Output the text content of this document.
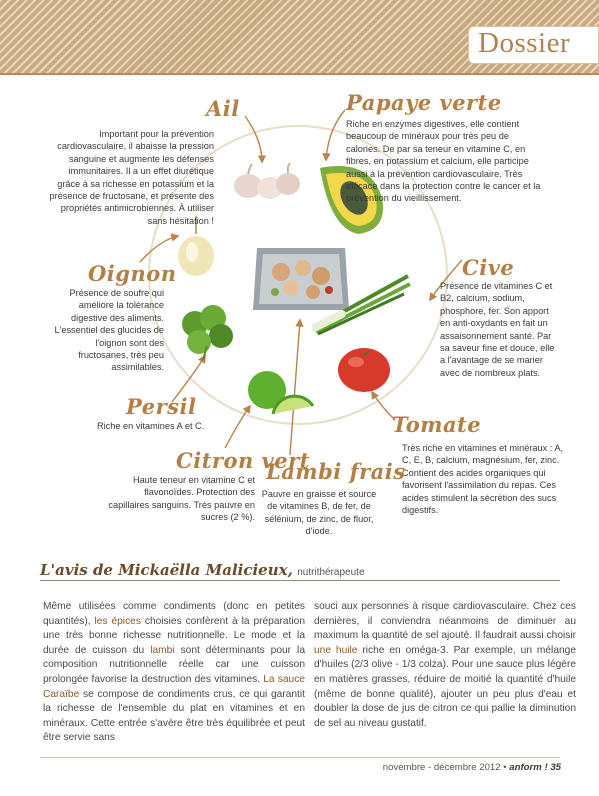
Dossier
Ail

Important pour la prévention cardiovasculaire, il abaisse la pression sanguine et augmente les défenses immunitaires. Il a un effet diurétique grâce à sa richesse en potassium et la présence de fructosane, et présente des propriétés antimicrobiennes. À utiliser sans hésitation !

Papaye verte

Riche en enzymes digestives, elle contient beaucoup de minéraux pour très peu de calories. De par sa teneur en vitamine C, en fibres, en potassium et calcium, elle participe aussi à la prévention cardiovasculaire. Très efficace dans la protection contre le cancer et la prévention du vieillissement.

Oignon

Présence de soufre qui améliore la tolérance digestive des aliments. L'essentiel des glucides de l'oignon sont des fructosanes, très peu assimilables.

Cive

Présence de vitamines C et B2, calcium, sodium, phosphore, fer. Son apport en anti-oxydants en fait un assaisonnement santé. Par sa saveur fine et douce, elle a l'avantage de se marier avec de nombreux plats.

Persil

Riche en vitamines A et C.	Tomate

Très riche en vitamines et minéraux : A, C, E, B, calcium, magnésium, fer, zinc. Contient des acides organiques qui favorisent l'assimilation du repas. Ces acides stimulent la sécrétion des sucs digestifs.

Citron vert

Haute teneur en vitamine C et flavonoïdes. Protection des capillaires sanguins. Très pauvre en sucres (2 %).

Lambi frais

Pauvre en graisse et source de vitamines B, de fer, de sélénium, de zinc, de fluor, d'iode.

L'avis de Mickaëlla Malicieux, nutrithérapeute

Même utilisées comme condiments (donc en petites quantités), les épices choisies confèrent à la préparation une très bonne richesse nutritionnelle. Le mode et la durée de cuisson du lambi sont déterminants pour la composition nutritionnelle réelle car une cuisson prolongée favorise la destruction des vitamines. La sauce Caraïbe se compose de condiments crus, ce qui garantit la richesse de l'ensemble du plat en vitamines et en minéraux. Cette entrée s'avère être très équilibrée et peut être servie sans

souci aux personnes à risque cardiovasculaire. Chez ces dernières, il conviendra néanmoins de diminuer au maximum la quantité de sel ajouté. Il faudrait aussi choisir une huile riche en oméga-3. Par exemple, un mélange d'huiles (2/3 olive - 1/3 colza). Pour une sauce plus légère en matières grasses, réduire de moitié la quantité d'huile (même de bonne qualité), ajouter un peu plus d'eau et doubler la dose de jus de citron ce qui pallie la diminution de sel au niveau gustatif.

novembre - décembre 2012 • anform ! 35
